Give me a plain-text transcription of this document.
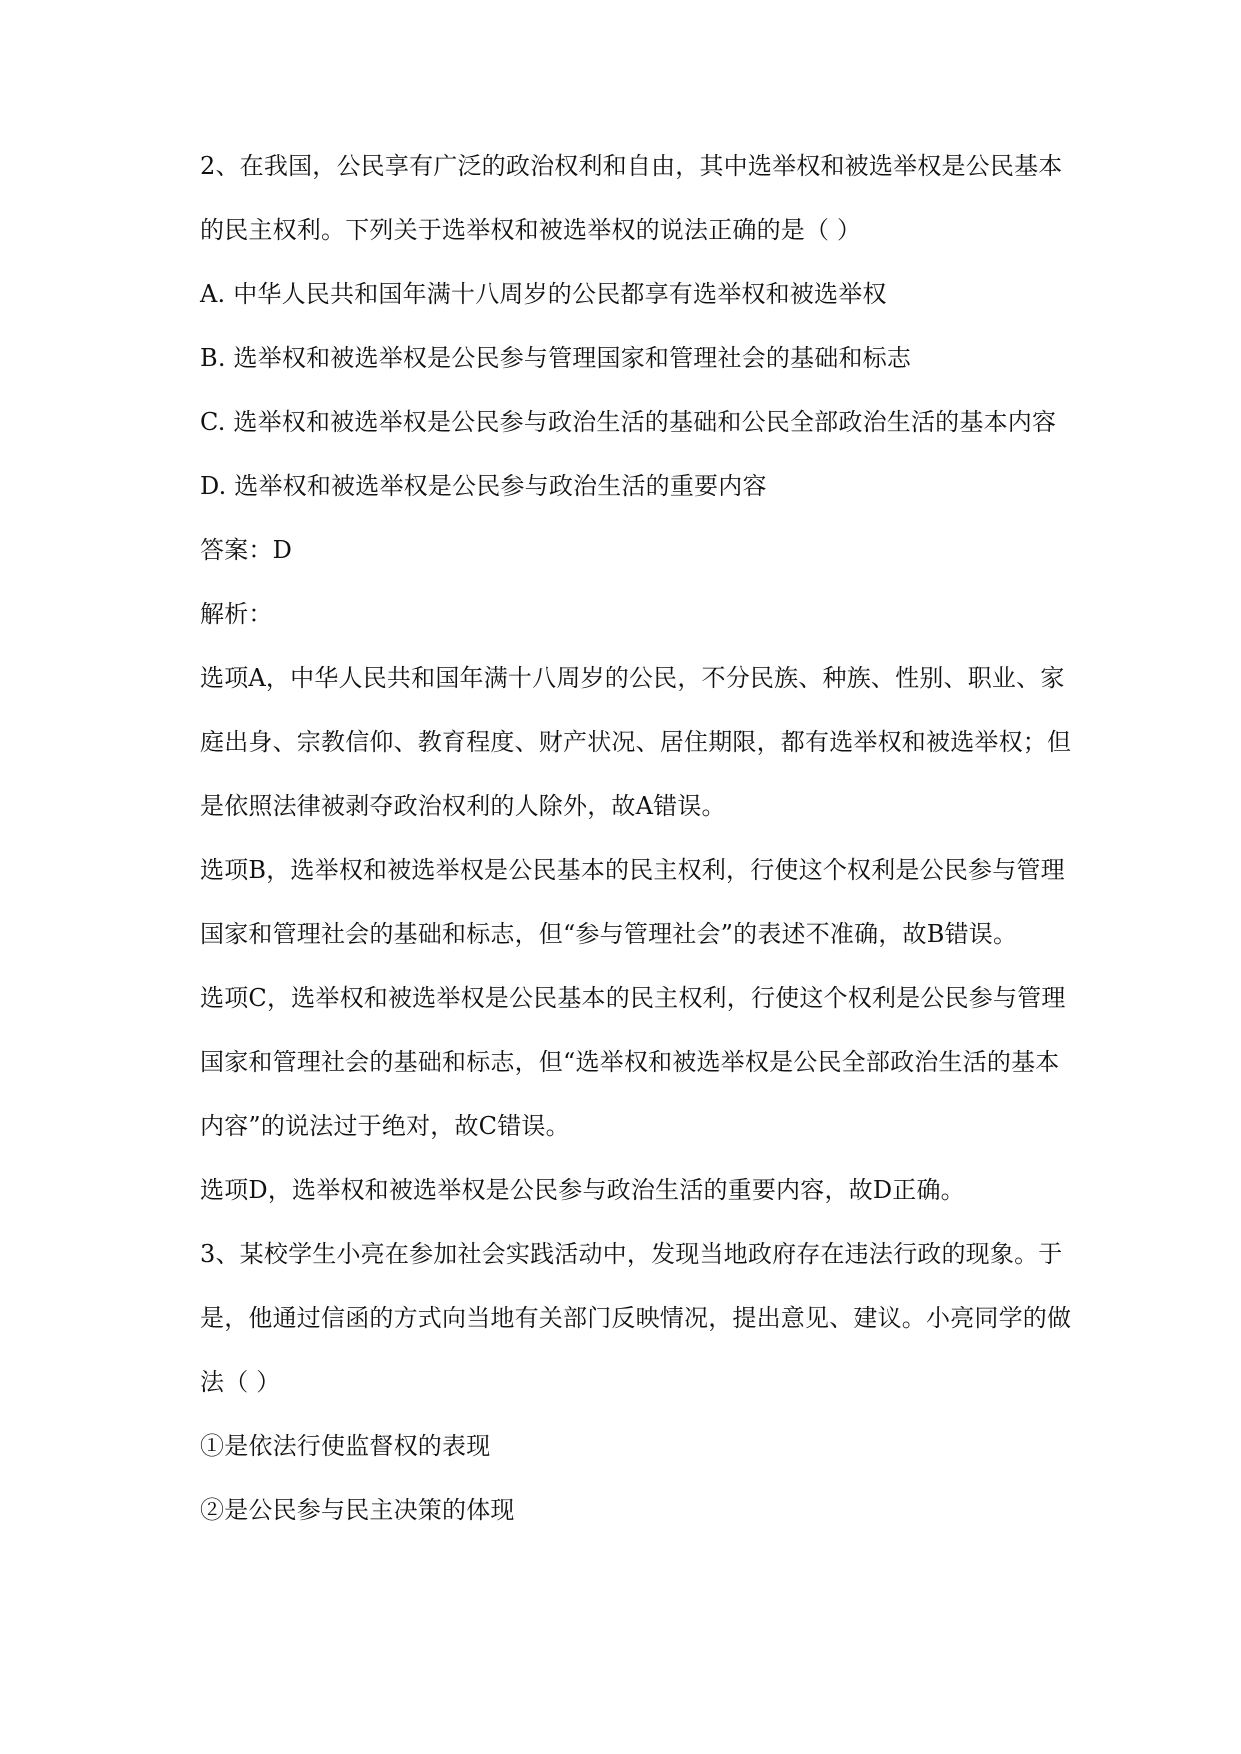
2、在我国，公民享有广泛的政治权利和自由，其中选举权和被选举权是公民基本
的民主权利。下列关于选举权和被选举权的说法正确的是（ ）
A. 中华人民共和国年满十八周岁的公民都享有选举权和被选举权
B. 选举权和被选举权是公民参与管理国家和管理社会的基础和标志
C. 选举权和被选举权是公民参与政治生活的基础和公民全部政治生活的基本内容
D. 选举权和被选举权是公民参与政治生活的重要内容
答案：D
解析：
选项A，中华人民共和国年满十八周岁的公民，不分民族、种族、性别、职业、家
庭出身、宗教信仰、教育程度、财产状况、居住期限，都有选举权和被选举权；但
是依照法律被剥夺政治权利的人除外，故A错误。
选项B，选举权和被选举权是公民基本的民主权利，行使这个权利是公民参与管理
国家和管理社会的基础和标志，但“参与管理社会”的表述不准确，故B错误。
选项C，选举权和被选举权是公民基本的民主权利，行使这个权利是公民参与管理
国家和管理社会的基础和标志，但“选举权和被选举权是公民全部政治生活的基本
内容”的说法过于绝对，故C错误。
选项D，选举权和被选举权是公民参与政治生活的重要内容，故D正确。
3、某校学生小亮在参加社会实践活动中，发现当地政府存在违法行政的现象。于
是，他通过信函的方式向当地有关部门反映情况，提出意见、建议。小亮同学的做
法（ ）
①是依法行使监督权的表现
②是公民参与民主决策的体现
